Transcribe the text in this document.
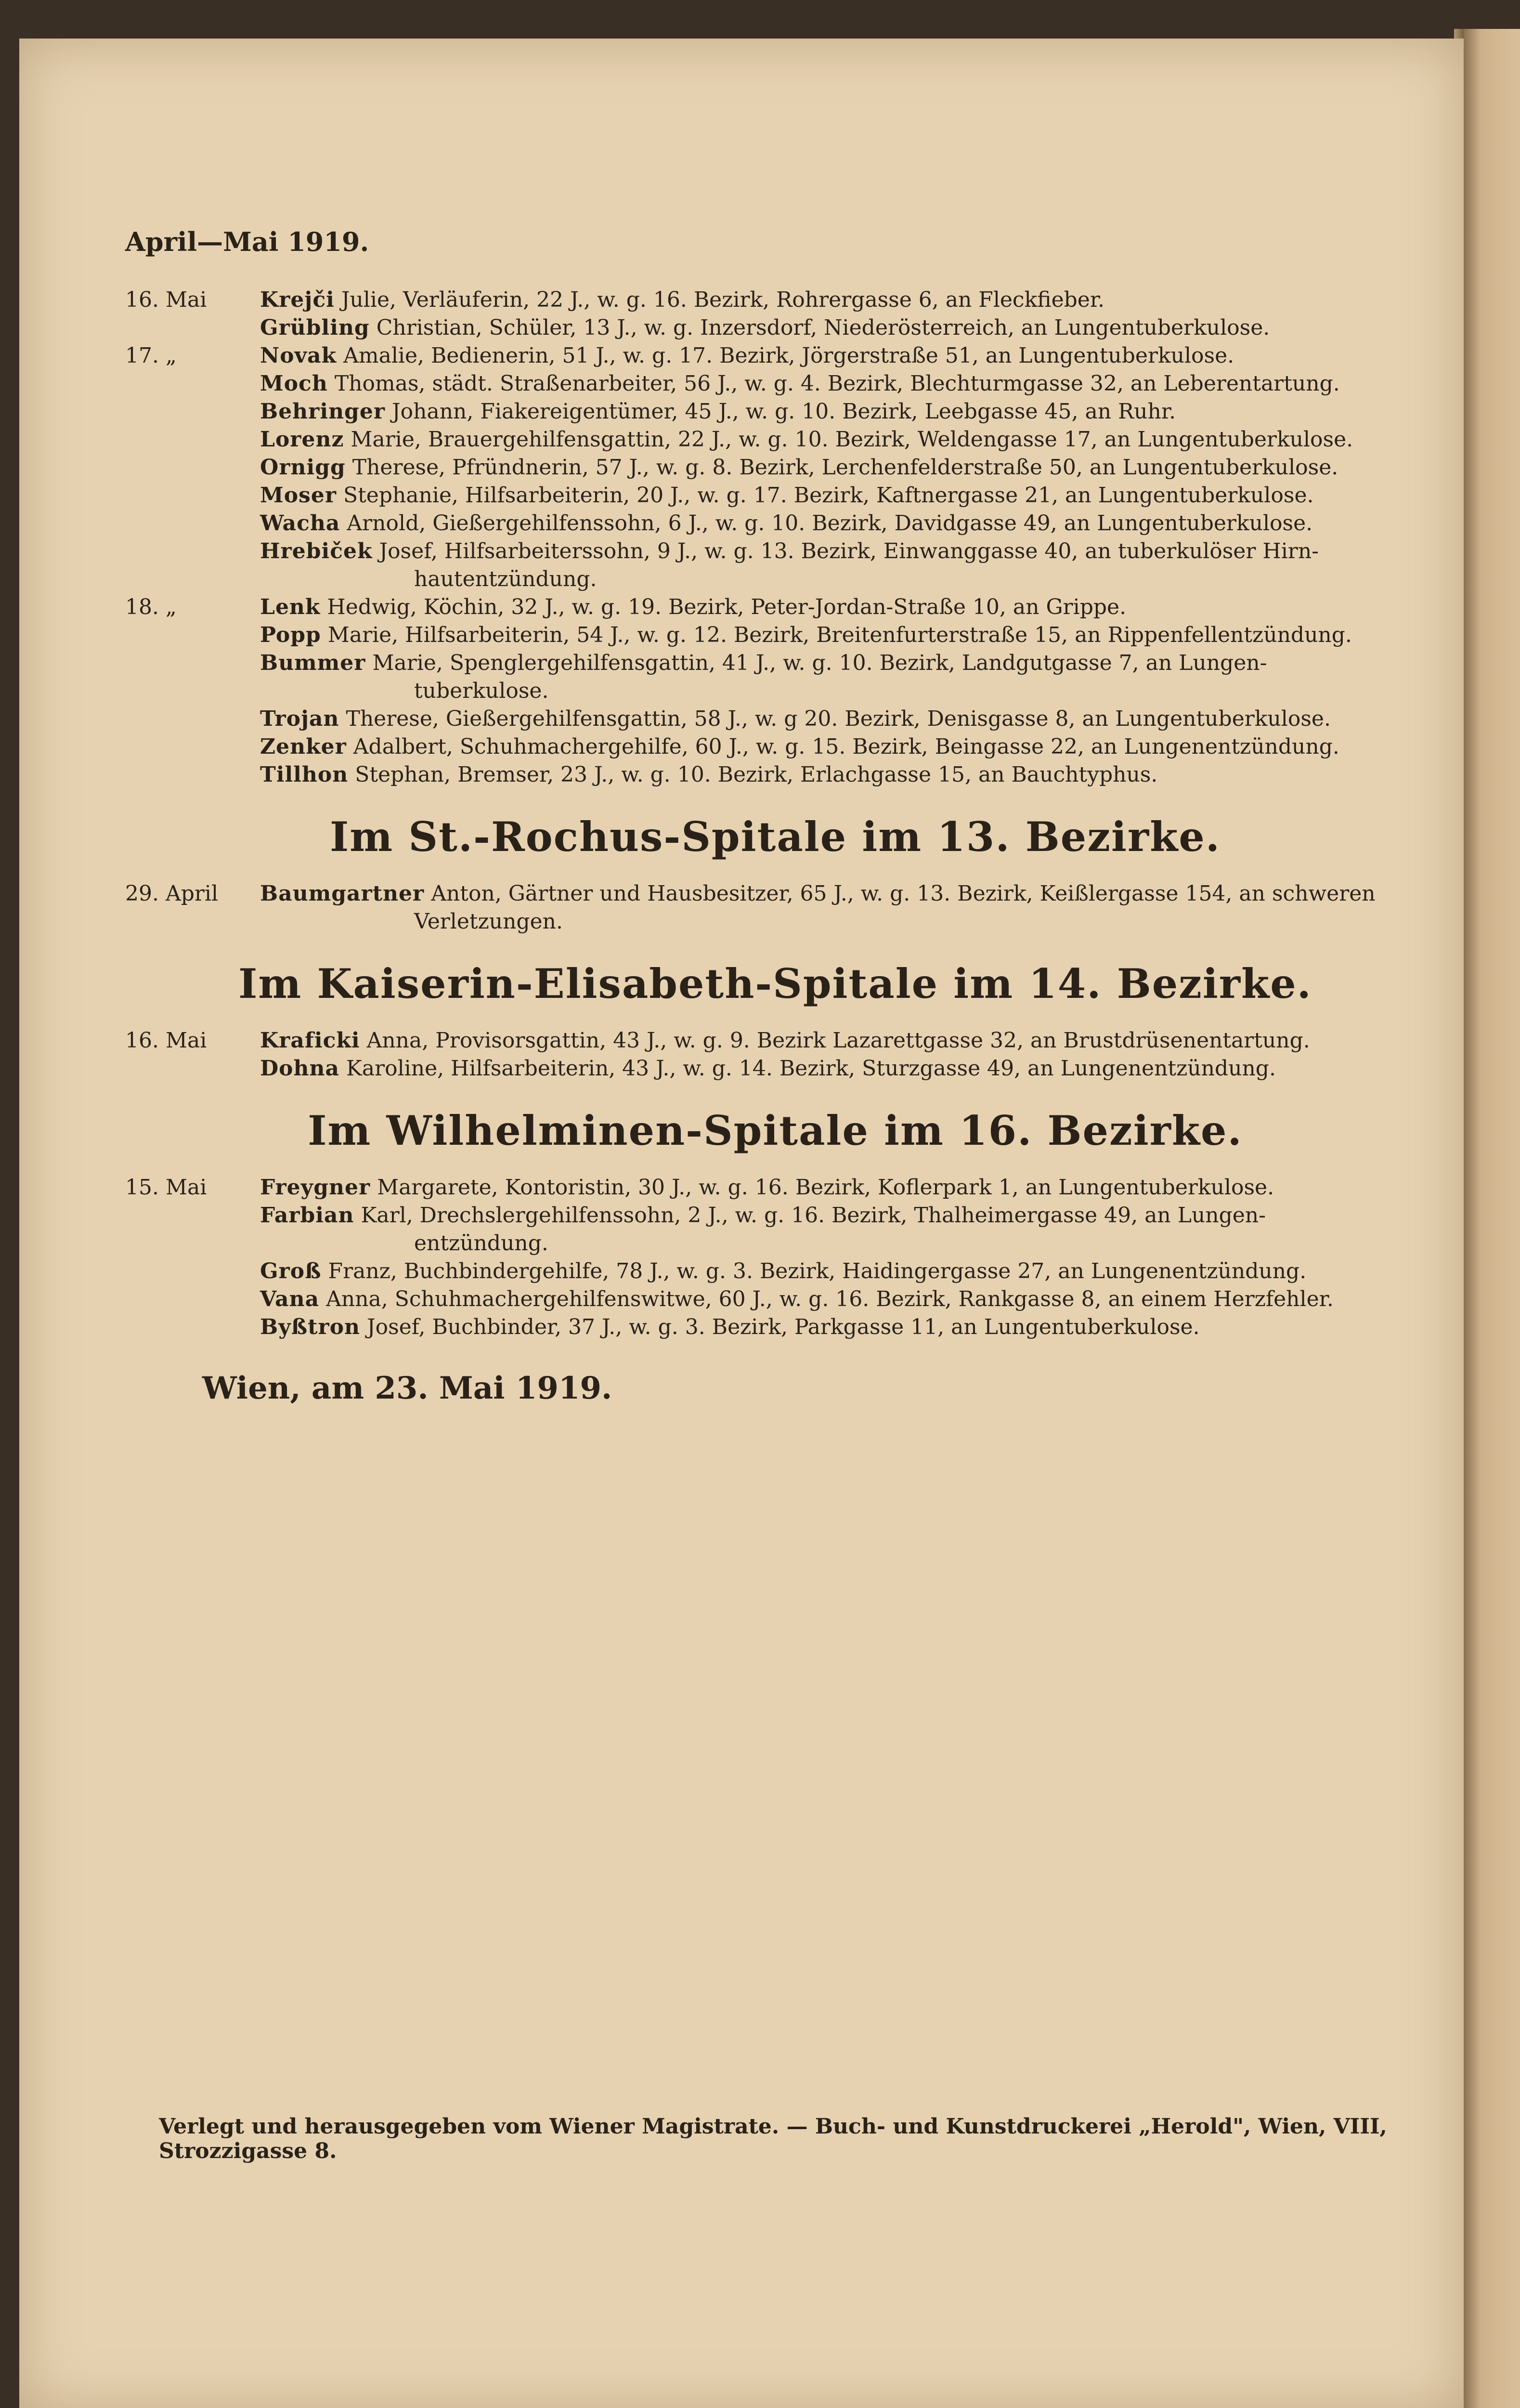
April—Mai 1919.
16. Mai	Krejči Julie, Verläuferin, 22 J., w. g. 16. Bezirk, Rohrergasse 6, an Fleckfieber.
Grübling Christian, Schüler, 13 J., w. g. Inzersdorf, Niederösterreich, an Lungentuberkulose.
17. „	Novak Amalie, Bedienerin, 51 J., w. g. 17. Bezirk, Jörgerstraße 51, an Lungentuberkulose.
Moch Thomas, städt. Straßenarbeiter, 56 J., w. g. 4. Bezirk, Blechturmgasse 32, an Leberentartung.
Behringer Johann, Fiakereigentümer, 45 J., w. g. 10. Bezirk, Leebgasse 45, an Ruhr.
Lorenz Marie, Brauergehilfensgattin, 22 J., w. g. 10. Bezirk, Weldengasse 17, an Lungentuberkulose.
Ornigg Therese, Pfründnerin, 57 J., w. g. 8. Bezirk, Lerchenfelderstraße 50, an Lungentuberkulose.
Moser Stephanie, Hilfsarbeiterin, 20 J., w. g. 17. Bezirk, Kaftnergasse 21, an Lungentuberkulose.
Wacha Arnold, Gießergehilfenssohn, 6 J., w. g. 10. Bezirk, Davidgasse 49, an Lungentuberkulose.
Hrebiček Josef, Hilfsarbeiterssohn, 9 J., w. g. 13. Bezirk, Einwanggasse 40, an tuberkulöser Hirn-
hautentzündung.
18. „	Lenk Hedwig, Köchin, 32 J., w. g. 19. Bezirk, Peter-Jordan-Straße 10, an Grippe.
Popp Marie, Hilfsarbeiterin, 54 J., w. g. 12. Bezirk, Breitenfurterstraße 15, an Rippenfellentzündung.
Bummer Marie, Spenglergehilfensgattin, 41 J., w. g. 10. Bezirk, Landgutgasse 7, an Lungen-
tuberkulose.
Trojan Therese, Gießergehilfensgattin, 58 J., w. g 20. Bezirk, Denisgasse 8, an Lungentuberkulose.
Zenker Adalbert, Schuhmachergehilfe, 60 J., w. g. 15. Bezirk, Beingasse 22, an Lungenentzündung.
Tillhon Stephan, Bremser, 23 J., w. g. 10. Bezirk, Erlachgasse 15, an Bauchtyphus.
Im St.-Rochus-Spitale im 13. Bezirke.
29. April	Baumgartner Anton, Gärtner und Hausbesitzer, 65 J., w. g. 13. Bezirk, Keißlergasse 154, an schweren
Verletzungen.
Im Kaiserin-Elisabeth-Spitale im 14. Bezirke.
16. Mai	Kraficki Anna, Provisorsgattin, 43 J., w. g. 9. Bezirk Lazarettgasse 32, an Brustdrüsenentartung.
Dohna Karoline, Hilfsarbeiterin, 43 J., w. g. 14. Bezirk, Sturzgasse 49, an Lungenentzündung.
Im Wilhelminen-Spitale im 16. Bezirke.
15. Mai	Freygner Margarete, Kontoristin, 30 J., w. g. 16. Bezirk, Koflerpark 1, an Lungentuberkulose.
Farbian Karl, Drechslergehilfenssohn, 2 J., w. g. 16. Bezirk, Thalheimergasse 49, an Lungen-
entzündung.
Groß Franz, Buchbindergehilfe, 78 J., w. g. 3. Bezirk, Haidingergasse 27, an Lungenentzündung.
Vana Anna, Schuhmachergehilfenswitwe, 60 J., w. g. 16. Bezirk, Rankgasse 8, an einem Herzfehler.
Byßtron Josef, Buchbinder, 37 J., w. g. 3. Bezirk, Parkgasse 11, an Lungentuberkulose.
Wien, am 23. Mai 1919.
Verlegt und herausgegeben vom Wiener Magistrate. — Buch- und Kunstdruckerei „Herold", Wien, VIII, Strozzigasse 8.
